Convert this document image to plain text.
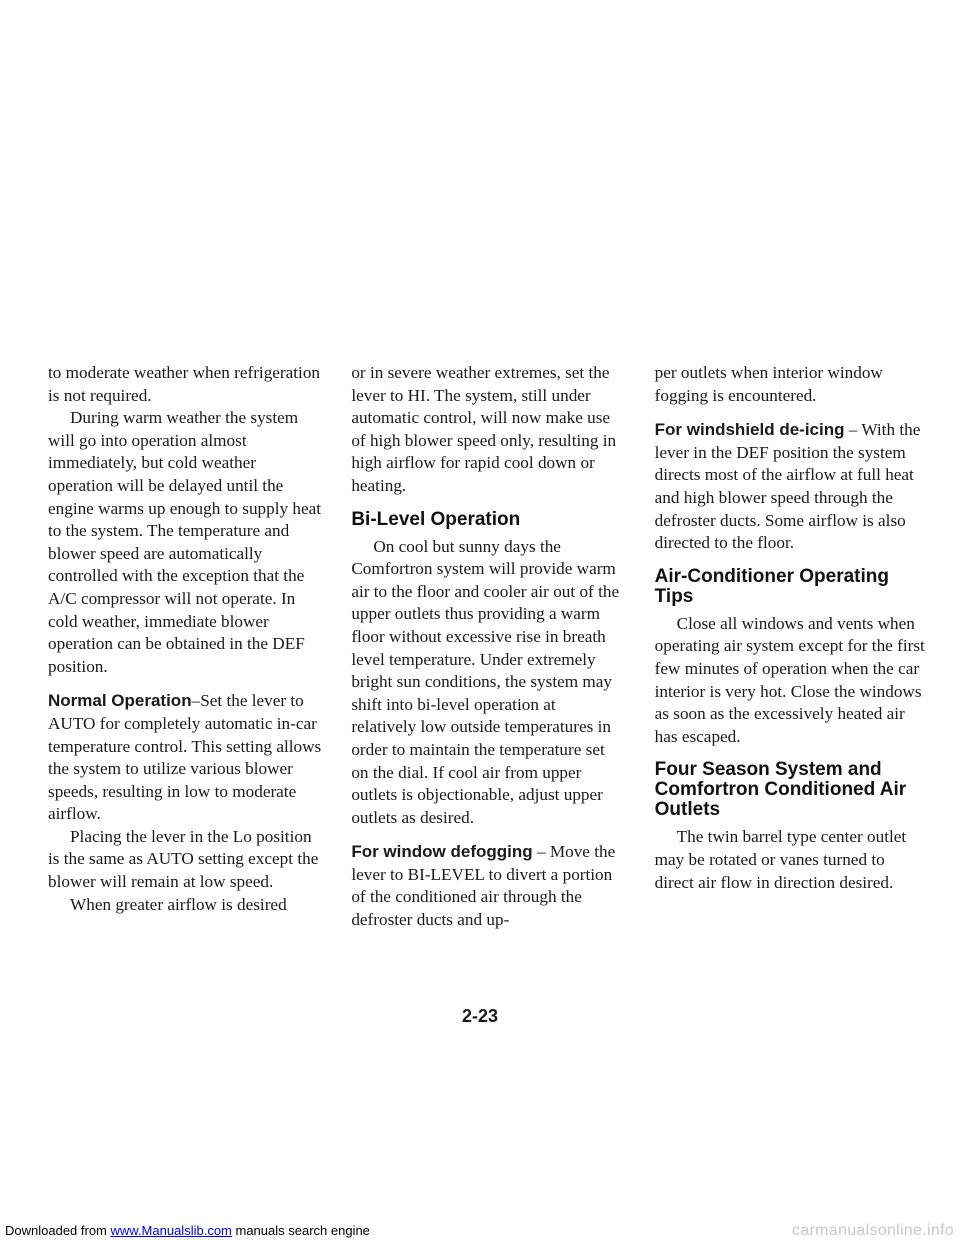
to moderate weather when refrigeration is not required.

During warm weather the system will go into operation almost immediately, but cold weather operation will be delayed until the engine warms up enough to supply heat to the system. The temperature and blower speed are automatically controlled with the exception that the A/C compressor will not operate. In cold weather, immediate blower operation can be obtained in the DEF position.

Normal Operation–Set the lever to AUTO for completely automatic in-car temperature control. This setting allows the system to utilize various blower speeds, resulting in low to moderate airflow.

Placing the lever in the Lo position is the same as AUTO setting except the blower will remain at low speed.

When greater airflow is desired

or in severe weather extremes, set the lever to HI. The system, still under automatic control, will now make use of high blower speed only, resulting in high airflow for rapid cool down or heating.

Bi-Level Operation

On cool but sunny days the Comfortron system will provide warm air to the floor and cooler air out of the upper outlets thus providing a warm floor without excessive rise in breath level temperature. Under extremely bright sun conditions, the system may shift into bi-level operation at relatively low outside temperatures in order to maintain the temperature set on the dial. If cool air from upper outlets is objectionable, adjust upper outlets as desired.

For window defogging – Move the lever to BI-LEVEL to divert a portion of the conditioned air through the defroster ducts and up-

per outlets when interior window fogging is encountered.

For windshield de-icing – With the lever in the DEF position the system directs most of the airflow at full heat and high blower speed through the defroster ducts. Some airflow is also directed to the floor.

Air-Conditioner Operating Tips

Close all windows and vents when operating air system except for the first few minutes of operation when the car interior is very hot. Close the windows as soon as the excessively heated air has escaped.

Four Season System and Comfortron Conditioned Air Outlets

The twin barrel type center outlet may be rotated or vanes turned to direct air flow in direction desired.

2-23
Downloaded from www.Manualslib.com manuals search engine	carmanualsonline.info
